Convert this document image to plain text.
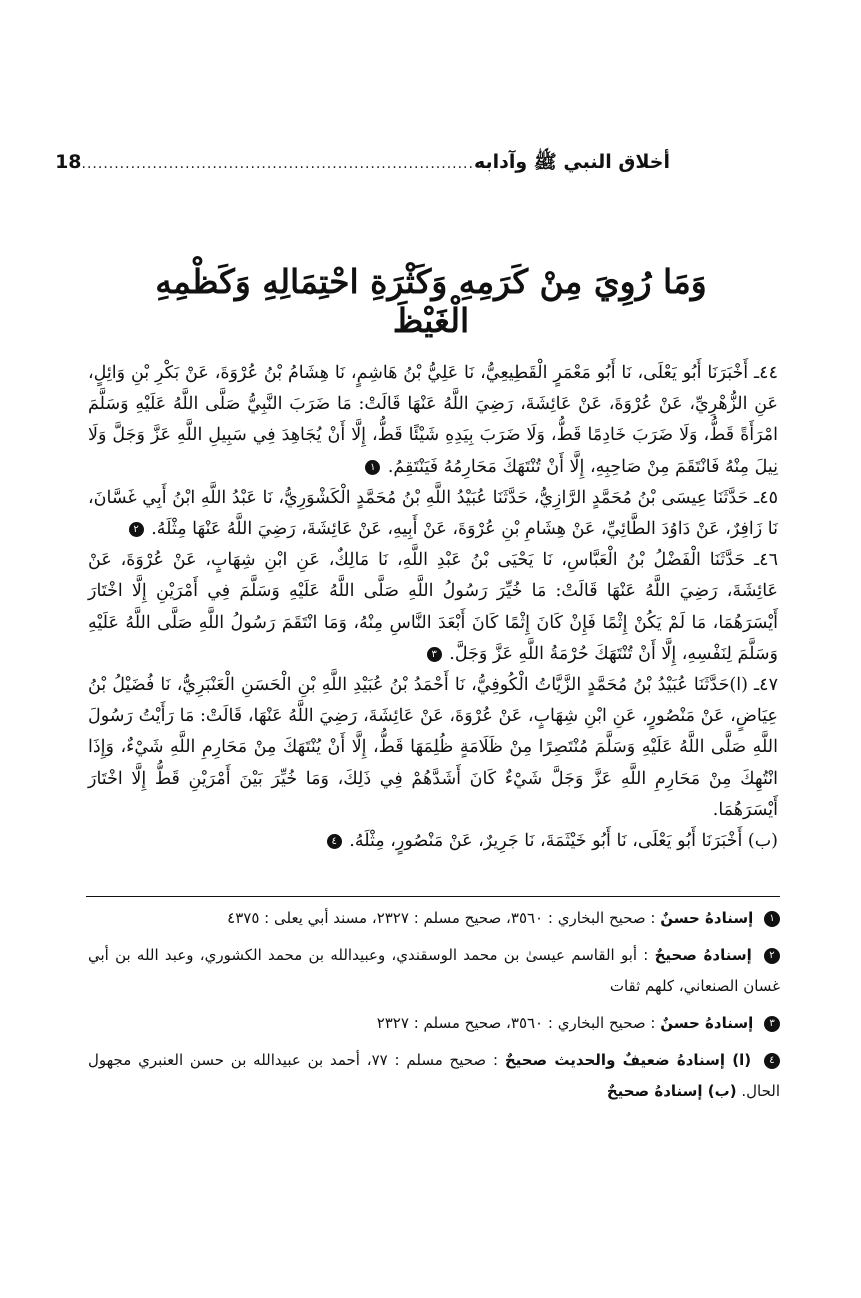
أخلاق النبي ﷺ وآدابه
........................................................................
18
وَمَا رُوِيَ مِنْ كَرَمِهِ وَكَثْرَةِ احْتِمَالِهِ وَكَظْمِهِ الْغَيْظَ

٤٤ـ أَخْبَرَنَا أَبُو يَعْلَى، نَا أَبُو مَعْمَرٍ الْقَطِيعِيُّ، نَا عَلِيُّ بْنُ هَاشِمٍ، نَا هِشَامُ بْنُ عُرْوَةَ، عَنْ بَكْرِ بْنِ وَائِلٍ، عَنِ الزُّهْرِيِّ، عَنْ عُرْوَةَ، عَنْ عَائِشَةَ، رَضِيَ اللَّهُ عَنْهَا قَالَتْ: مَا ضَرَبَ النَّبِيُّ صَلَّى اللَّهُ عَلَيْهِ وَسَلَّمَ امْرَأَةً قَطُّ، وَلَا ضَرَبَ خَادِمًا قَطُّ، وَلَا ضَرَبَ بِيَدِهِ شَيْئًا قَطُّ، إِلَّا أَنْ يُجَاهِدَ فِي سَبِيلِ اللَّهِ عَزَّ وَجَلَّ وَلَا نِيلَ مِنْهُ فَانْتَقَمَ مِنْ صَاحِبِهِ، إِلَّا أَنْ تُنْتَهَكَ مَحَارِمُهُ فَيَنْتَقِمُ. ١

٤٥ـ حَدَّثَنَا عِيسَى بْنُ مُحَمَّدٍ الرَّازِيُّ، حَدَّثَنَا عُبَيْدُ اللَّهِ بْنُ مُحَمَّدٍ الْكَشْوَرِيُّ، نَا عَبْدُ اللَّهِ ابْنُ أَبِي غَسَّانَ، نَا زَافِرٌ، عَنْ دَاوُدَ الطَّائِيِّ، عَنْ هِشَامِ بْنِ عُرْوَةَ، عَنْ أَبِيهِ، عَنْ عَائِشَةَ، رَضِيَ اللَّهُ عَنْهَا مِثْلَهُ. ٢

٤٦ـ حَدَّثَنَا الْفَضْلُ بْنُ الْعَبَّاسِ، نَا يَحْيَى بْنُ عَبْدِ اللَّهِ، نَا مَالِكٌ، عَنِ ابْنِ شِهَابٍ، عَنْ عُرْوَةَ، عَنْ عَائِشَةَ، رَضِيَ اللَّهُ عَنْهَا قَالَتْ: مَا خُيِّرَ رَسُولُ اللَّهِ صَلَّى اللَّهُ عَلَيْهِ وَسَلَّمَ فِي أَمْرَيْنِ إِلَّا اخْتَارَ أَيْسَرَهُمَا، مَا لَمْ يَكُنْ إِثْمًا فَإِنْ كَانَ إِثْمًا كَانَ أَبْعَدَ النَّاسِ مِنْهُ، وَمَا انْتَقَمَ رَسُولُ اللَّهِ صَلَّى اللَّهُ عَلَيْهِ وَسَلَّمَ لِنَفْسِهِ، إِلَّا أَنْ تُنْتَهَكَ حُرْمَةُ اللَّهِ عَزَّ وَجَلَّ. ٣

٤٧ـ (ا)حَدَّثَنَا عُبَيْدُ بْنُ مُحَمَّدٍ الزَّيَّاتُ الْكُوفِيُّ، نَا أَحْمَدُ بْنُ عُبَيْدِ اللَّهِ بْنِ الْحَسَنِ الْعَنْبَرِيُّ، نَا فُضَيْلُ بْنُ عِيَاضٍ، عَنْ مَنْصُورٍ، عَنِ ابْنِ شِهَابٍ، عَنْ عُرْوَةَ، عَنْ عَائِشَةَ، رَضِيَ اللَّهُ عَنْهَا، قَالَتْ: مَا رَأَيْتُ رَسُولَ اللَّهِ صَلَّى اللَّهُ عَلَيْهِ وَسَلَّمَ مُنْتَصِرًا مِنْ ظَلَامَةٍ ظُلِمَهَا قَطُّ، إِلَّا أَنْ يُنْتَهَكَ مِنْ مَحَارِمِ اللَّهِ شَيْءٌ، وَإِذَا انْتُهِكَ مِنْ مَحَارِمِ اللَّهِ عَزَّ وَجَلَّ شَيْءٌ كَانَ أَشَدَّهُمْ فِي ذَلِكَ، وَمَا خُيِّرَ بَيْنَ أَمْرَيْنِ قَطُّ إِلَّا اخْتَارَ أَيْسَرَهُمَا.

(ب) أَخْبَرَنَا أَبُو يَعْلَى، نَا أَبُو خَيْثَمَةَ، نَا جَرِيرٌ، عَنْ مَنْصُورٍ، مِثْلَهُ. ٤

١ إسنادهُ حسنٌ : صحيح البخاري : ٣٥٦٠، صحيح مسلم : ٢٣٢٧، مسند أبي يعلى : ٤٣٧٥

٢ إسنادهُ صحيحٌ : أبو القاسم عيسىٰ بن محمد الوسقندي، وعبيدالله بن محمد الكشوري، وعبد الله بن أبي غسان الصنعاني، كلهم ثقات

٣ إسنادهُ حسنٌ : صحيح البخاري : ٣٥٦٠، صحيح مسلم : ٢٣٢٧

٤ (ا) إسنادهُ ضعيفٌ والحديث صحيحٌ : صحيح مسلم : ٧٧، أحمد بن عبيدالله بن حسن العنبري مجهول الحال. (ب) إسنادهُ صحيحٌ
